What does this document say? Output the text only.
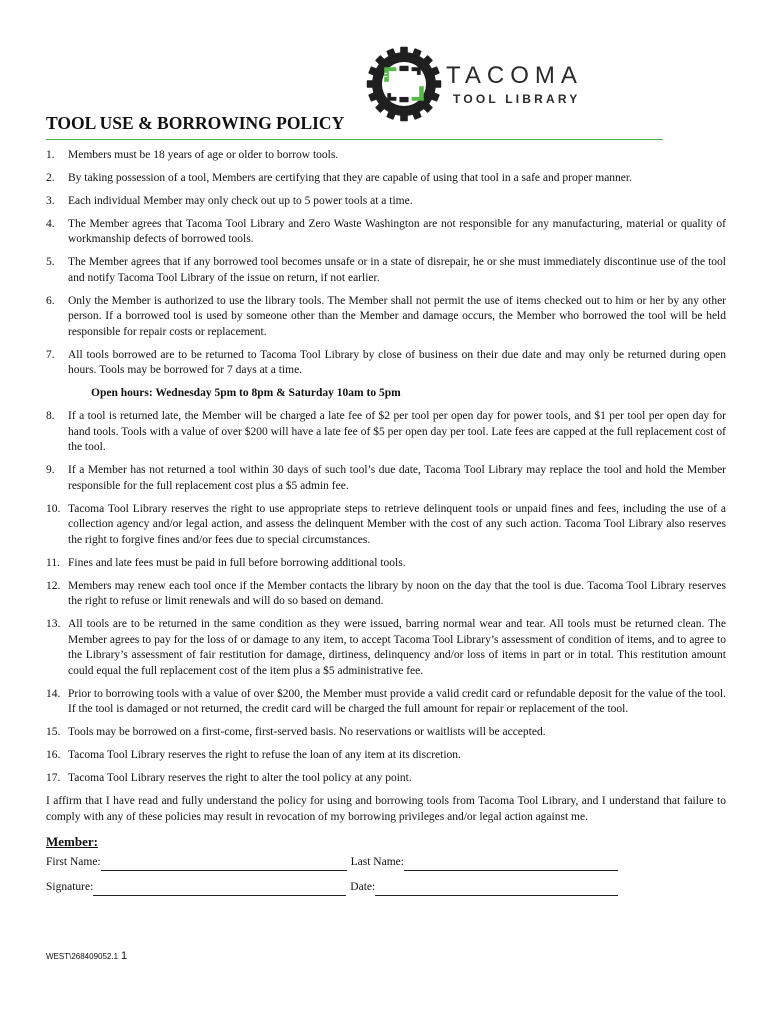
TACOMA
TOOL LIBRARY
TOOL USE & BORROWING POLICY
1.	Members must be 18 years of age or older to borrow tools.
2.	By taking possession of a tool, Members are certifying that they are capable of using that tool in a safe and proper manner.
3.	Each individual Member may only check out up to 5 power tools at a time.
4.	The Member agrees that Tacoma Tool Library and Zero Waste Washington are not responsible for any manufacturing, material or quality of workmanship defects of borrowed tools.
5.	The Member agrees that if any borrowed tool becomes unsafe or in a state of disrepair, he or she must immediately discontinue use of the tool and notify Tacoma Tool Library of the issue on return, if not earlier.
6.	Only the Member is authorized to use the library tools. The Member shall not permit the use of items checked out to him or her by any other person. If a borrowed tool is used by someone other than the Member and damage occurs, the Member who borrowed the tool will be held responsible for repair costs or replacement.
7.	All tools borrowed are to be returned to Tacoma Tool Library by close of business on their due date and may only be returned during open hours. Tools may be borrowed for 7 days at a time.
Open hours: Wednesday 5pm to 8pm & Saturday 10am to 5pm
8.	If a tool is returned late, the Member will be charged a late fee of $2 per tool per open day for power tools, and $1 per tool per open day for hand tools. Tools with a value of over $200 will have a late fee of $5 per open day per tool. Late fees are capped at the full replacement cost of the tool.
9.	If a Member has not returned a tool within 30 days of such tool’s due date, Tacoma Tool Library may replace the tool and hold the Member responsible for the full replacement cost plus a $5 admin fee.
10. Tacoma Tool Library reserves the right to use appropriate steps to retrieve delinquent tools or unpaid fines and fees, including the use of a collection agency and/or legal action, and assess the delinquent Member with the cost of any such action. Tacoma Tool Library also reserves the right to forgive fines and/or fees due to special circumstances.
11. Fines and late fees must be paid in full before borrowing additional tools.
12. Members may renew each tool once if the Member contacts the library by noon on the day that the tool is due. Tacoma Tool Library reserves the right to refuse or limit renewals and will do so based on demand.
13. All tools are to be returned in the same condition as they were issued, barring normal wear and tear. All tools must be returned clean. The Member agrees to pay for the loss of or damage to any item, to accept Tacoma Tool Library’s assessment of condition of items, and to agree to the Library’s assessment of fair restitution for damage, dirtiness, delinquency and/or loss of items in part or in total. This restitution amount could equal the full replacement cost of the item plus a $5 administrative fee.
14. Prior to borrowing tools with a value of over $200, the Member must provide a valid credit card or refundable deposit for the value of the tool. If the tool is damaged or not returned, the credit card will be charged the full amount for repair or replacement of the tool.
15. Tools may be borrowed on a first-come, first-served basis. No reservations or waitlists will be accepted.
16. Tacoma Tool Library reserves the right to refuse the loan of any item at its discretion.
17. Tacoma Tool Library reserves the right to alter the tool policy at any point.

I affirm that I have read and fully understand the policy for using and borrowing tools from Tacoma Tool Library, and I understand that failure to comply with any of these policies may result in revocation of my borrowing privileges and/or legal action against me.

Member:
First Name:	Last Name:
Signature:	Date:
WEST\268409052.1 1
